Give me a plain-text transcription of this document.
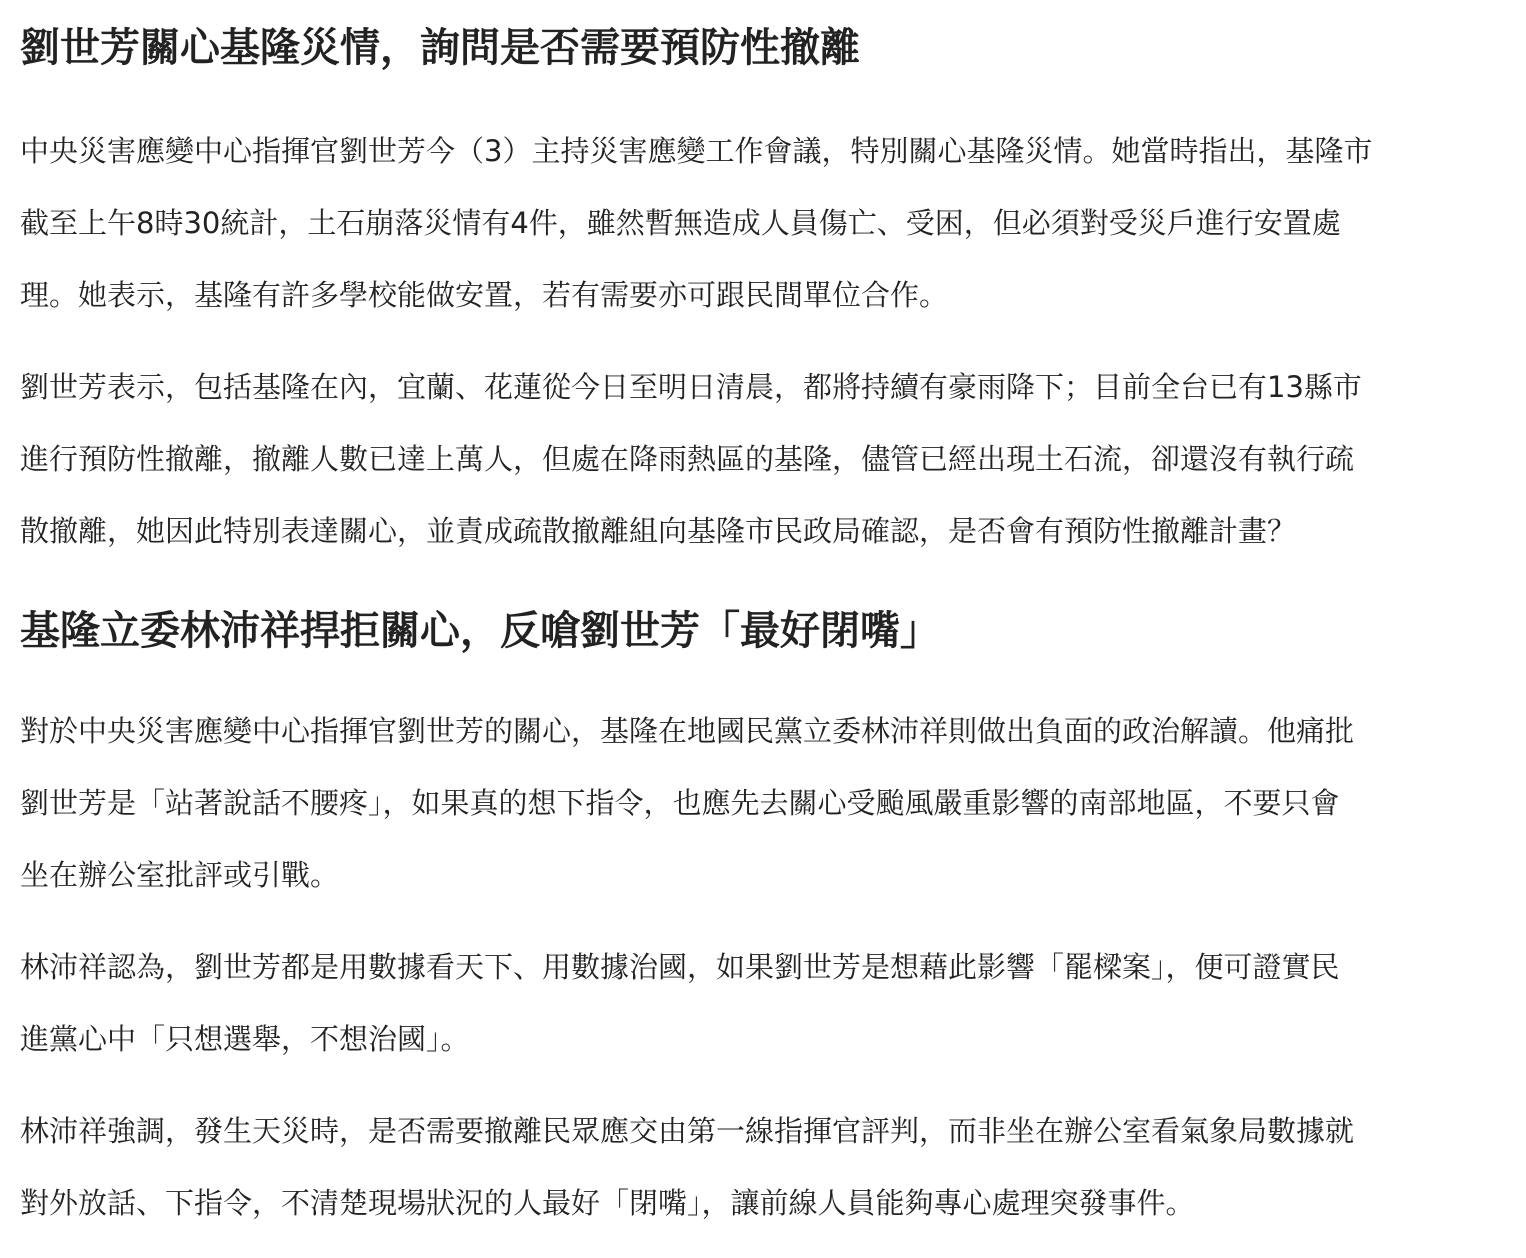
劉世芳關心基隆災情，詢問是否需要預防性撤離

中央災害應變中心指揮官劉世芳今（3）主持災害應變工作會議，特別關心基隆災情。她當時指出，基隆市
截至上午8時30統計，土石崩落災情有4件，雖然暫無造成人員傷亡、受困，但必須對受災戶進行安置處
理。她表示，基隆有許多學校能做安置，若有需要亦可跟民間單位合作。

劉世芳表示，包括基隆在內，宜蘭、花蓮從今日至明日清晨，都將持續有豪雨降下；目前全台已有13縣市
進行預防性撤離，撤離人數已達上萬人，但處在降雨熱區的基隆，儘管已經出現土石流，卻還沒有執行疏
散撤離，她因此特別表達關心，並責成疏散撤離組向基隆市民政局確認，是否會有預防性撤離計畫？

基隆立委林沛祥捍拒關心，反嗆劉世芳「最好閉嘴」

對於中央災害應變中心指揮官劉世芳的關心，基隆在地國民黨立委林沛祥則做出負面的政治解讀。他痛批
劉世芳是「站著說話不腰疼」，如果真的想下指令，也應先去關心受颱風嚴重影響的南部地區，不要只會
坐在辦公室批評或引戰。

林沛祥認為，劉世芳都是用數據看天下、用數據治國，如果劉世芳是想藉此影響「罷樑案」，便可證實民
進黨心中「只想選舉，不想治國」。

林沛祥強調，發生天災時，是否需要撤離民眾應交由第一線指揮官評判，而非坐在辦公室看氣象局數據就
對外放話、下指令，不清楚現場狀況的人最好「閉嘴」，讓前線人員能夠專心處理突發事件。
